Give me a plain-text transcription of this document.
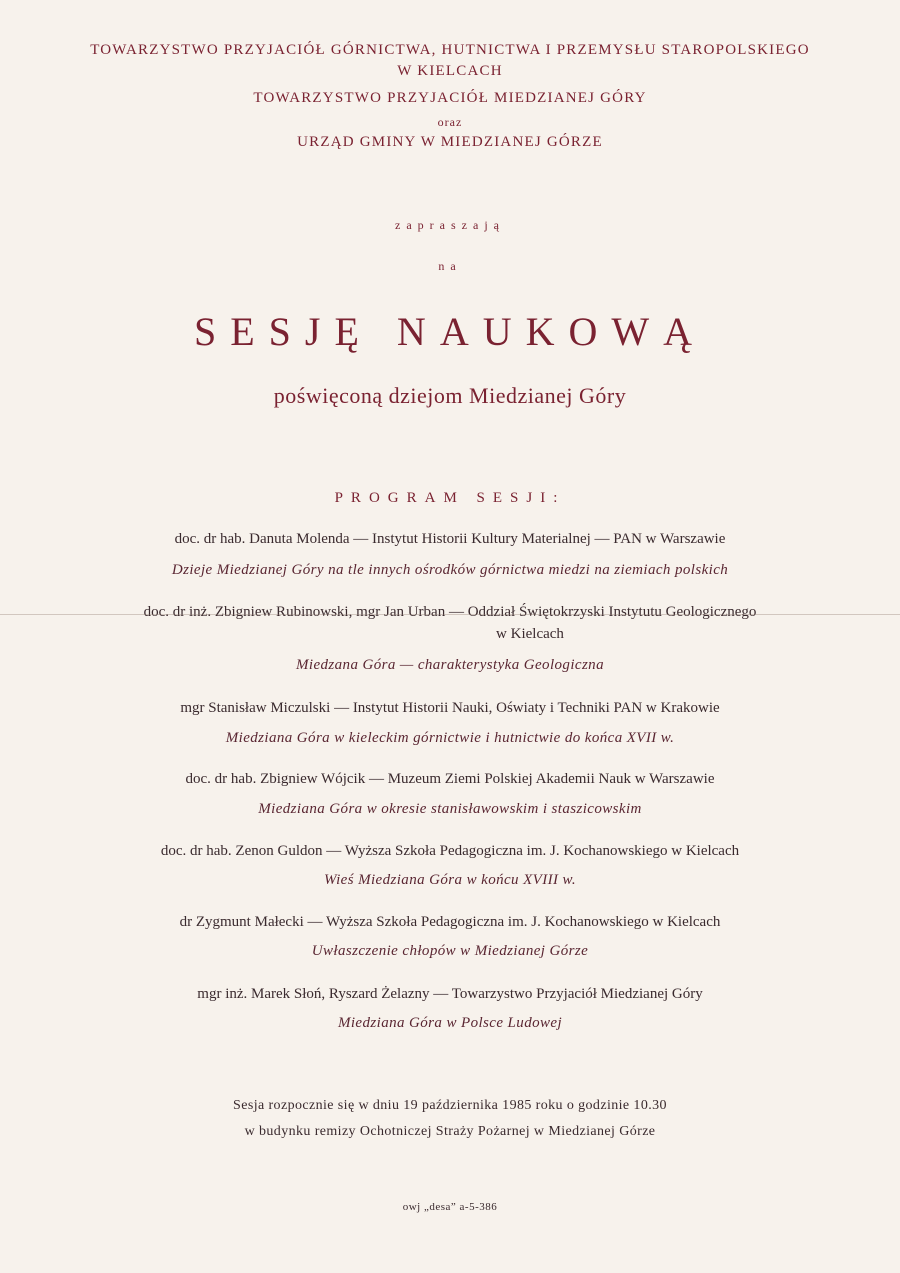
TOWARZYSTWO PRZYJACIÓŁ GÓRNICTWA, HUTNICTWA I PRZEMYSŁU STAROPOLSKIEGO
W KIELCACH
TOWARZYSTWO PRZYJACIÓŁ MIEDZIANEJ GÓRY
oraz
URZĄD GMINY W MIEDZIANEJ GÓRZE
zapraszają
na
SESJĘ NAUKOWĄ
poświęconą dziejom Miedzianej Góry
PROGRAM SESJI:
doc. dr hab. Danuta Molenda — Instytut Historii Kultury Materialnej — PAN w Warszawie
Dzieje Miedzianej Góry na tle innych ośrodków górnictwa miedzi na ziemiach polskich
doc. dr inż. Zbigniew Rubinowski, mgr Jan Urban — Oddział Świętokrzyski Instytutu Geologicznego
w Kielcach
Miedzana Góra — charakterystyka Geologiczna
mgr Stanisław Miczulski — Instytut Historii Nauki, Oświaty i Techniki PAN w Krakowie
Miedziana Góra w kieleckim górnictwie i hutnictwie do końca XVII w.
doc. dr hab. Zbigniew Wójcik — Muzeum Ziemi Polskiej Akademii Nauk w Warszawie
Miedziana Góra w okresie stanisławowskim i staszicowskim
doc. dr hab. Zenon Guldon — Wyższa Szkoła Pedagogiczna im. J. Kochanowskiego w Kielcach
Wieś Miedziana Góra w końcu XVIII w.
dr Zygmunt Małecki — Wyższa Szkoła Pedagogiczna im. J. Kochanowskiego w Kielcach
Uwłaszczenie chłopów w Miedzianej Górze
mgr inż. Marek Słoń, Ryszard Żelazny — Towarzystwo Przyjaciół Miedzianej Góry
Miedziana Góra w Polsce Ludowej
Sesja rozpocznie się w dniu 19 października 1985 roku o godzinie 10.30
w budynku remizy Ochotniczej Straży Pożarnej w Miedzianej Górze
owj „desa” a-5-386
